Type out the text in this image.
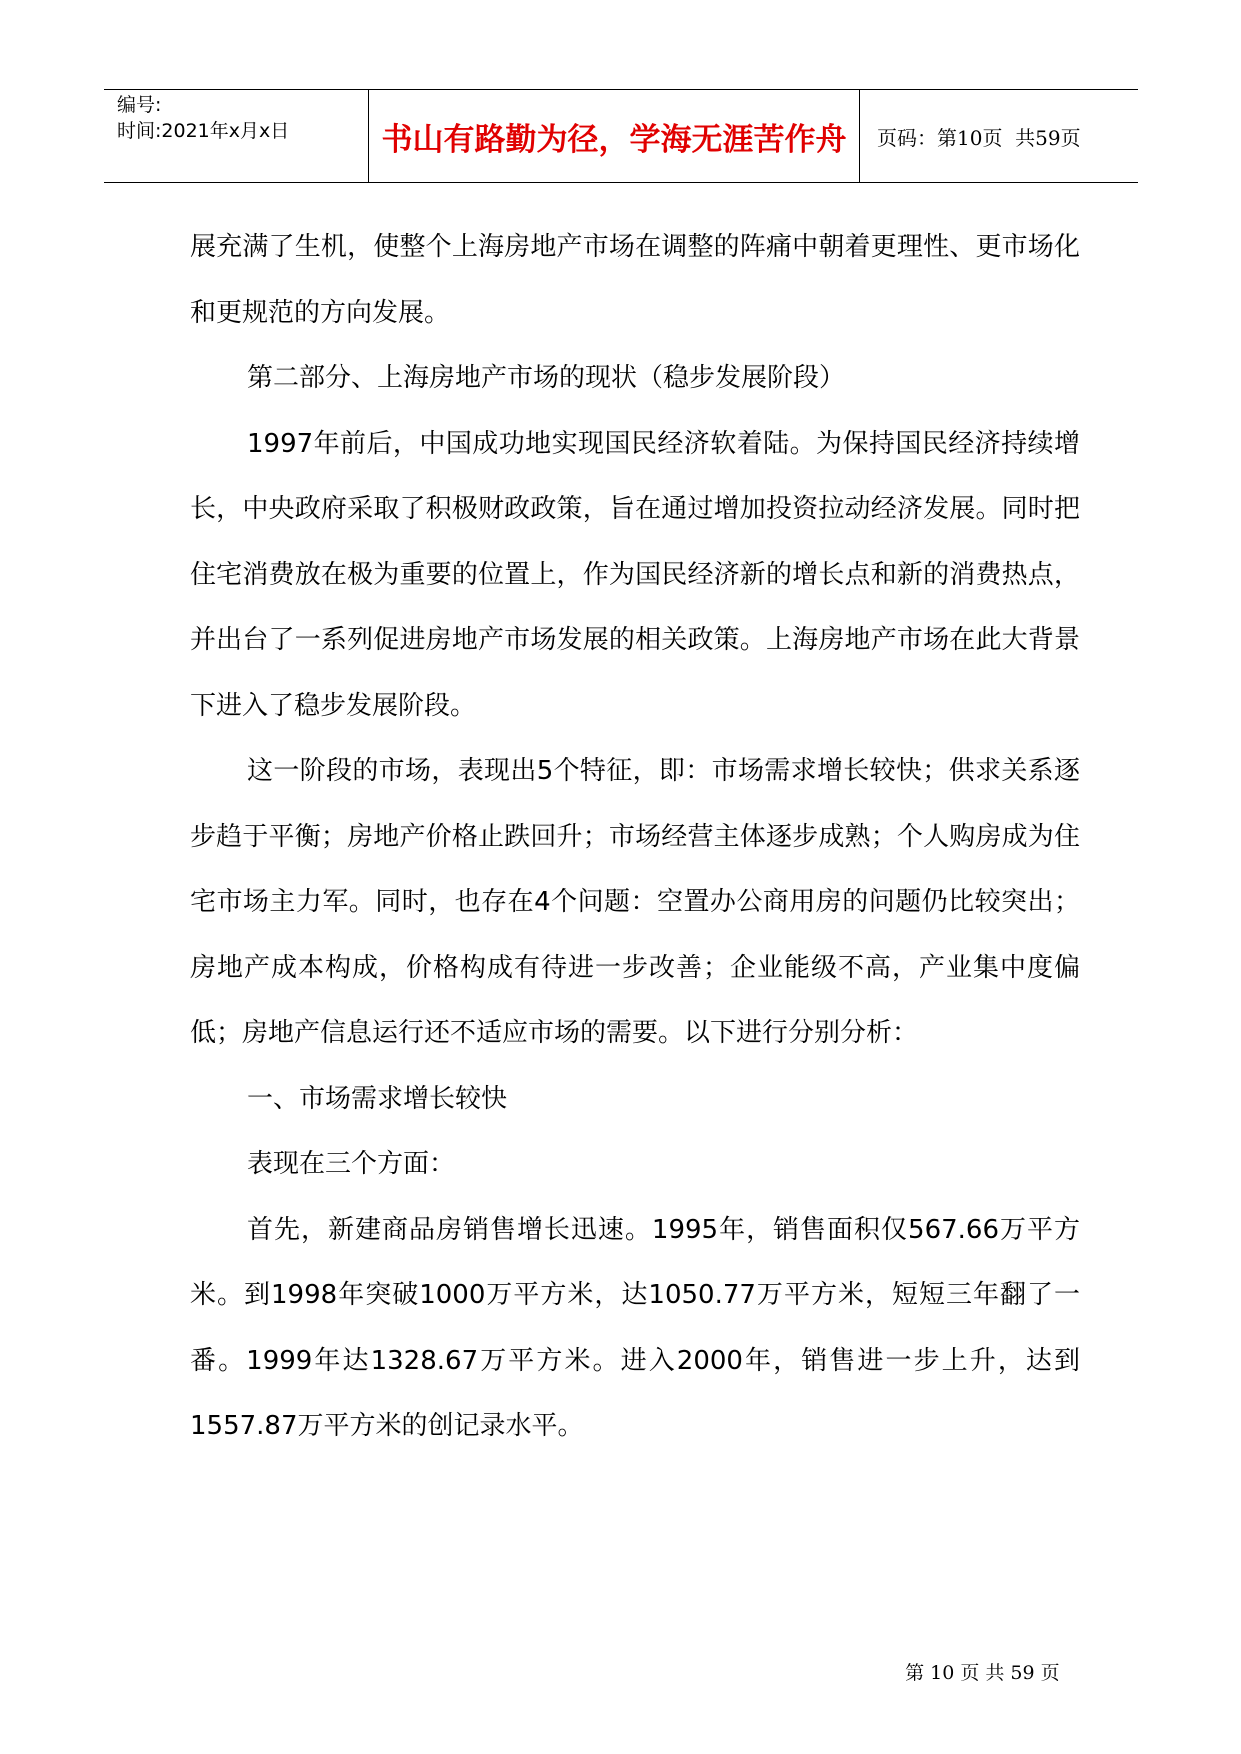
编号:
时间:2021年x月x日	书山有路勤为径，学海无涯苦作舟 页码：第10页  共59页

展充满了生机，使整个上海房地产市场在调整的阵痛中朝着更理性、更市场化和更规范的方向发展。

第二部分、上海房地产市场的现状（稳步发展阶段）

1997年前后，中国成功地实现国民经济软着陆。为保持国民经济持续增长，中央政府采取了积极财政政策，旨在通过增加投资拉动经济发展。同时把住宅消费放在极为重要的位置上，作为国民经济新的增长点和新的消费热点，并出台了一系列促进房地产市场发展的相关政策。上海房地产市场在此大背景下进入了稳步发展阶段。

这一阶段的市场，表现出5个特征，即：市场需求增长较快；供求关系逐步趋于平衡；房地产价格止跌回升；市场经营主体逐步成熟；个人购房成为住宅市场主力军。同时，也存在4个问题：空置办公商用房的问题仍比较突出；房地产成本构成，价格构成有待进一步改善；企业能级不高，产业集中度偏低；房地产信息运行还不适应市场的需要。以下进行分别分析：

一、市场需求增长较快

表现在三个方面：

首先，新建商品房销售增长迅速。1995年，销售面积仅567.66万平方米。到1998年突破1000万平方米，达1050.77万平方米，短短三年翻了一番。1999年达1328.67万平方米。进入2000年，销售进一步上升，达到1557.87万平方米的创记录水平。

第 10 页 共 59 页
